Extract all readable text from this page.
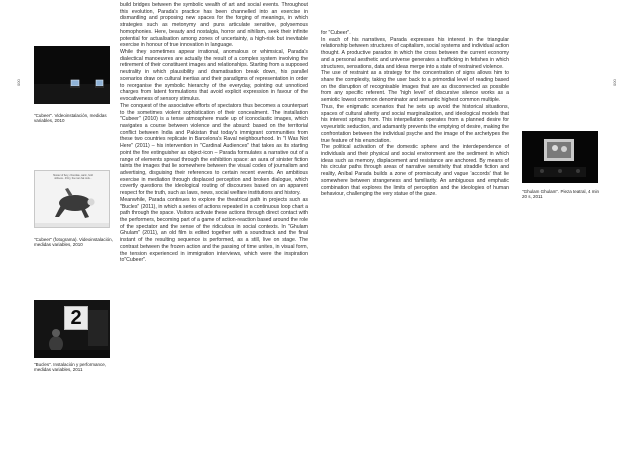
000	000
"Cubeer". Videoinstalación, medidas variables, 2010
Muster of fiery, chocolate, warm, hold stillness - frizzy, the man hat rods...
"Cubeer" (fotograma). Videoinstalación, medidas variables, 2010
2
"Bucles". Instalación y performance, medidas variables, 2011
"Ghulam Ghulam". Pieza teatral, 4 min 20 s, 2011

build bridges between the symbolic wealth of art and social events. Throughout this evolution, Parada's practice has been channelled into an exercise in dismantling and proposing new spaces for the forging of meanings, in which strategies such as metonymy and puns articulate sensitive, polysemous homophonies. Here, beauty and nostalgia, horror and nihilism, seek their infinite potential for actualisation among zones of uncertainty, a high-risk but inevitable exercise in honour of true innovation in language.

While they sometimes appear irrational, anomalous or whimsical, Parada's dialectical manoeuvres are actually the result of a complex system involving the retirement of their constituent images and relationships. Starting from a supposed neutrality in which plausibility and dramatisation break down, his parallel scenarios draw on cultural inertias and their paradigms of representation in order to reorganise the symbolic hierarchy of the everyday, pointing out unnoticed charges from latent formulations that avoid explicit expression in favour of the evocativeness of sensory stimulus.

The conquest of the associative efforts of spectators thus becomes a counterpart to the sometimes violent sophistication of their concealment. The installation "Cubeer" (2010) is a tense atmosphere made up of iconoclastic images, which navigates a course between violence and the absurd: based on the territorial conflict between India and Pakistan that today's immigrant communities from these two countries replicate in Barcelona's Raval neighbourhood. In "I Was Not Here" (2011) – his intervention in "Cardinal Audiences" that takes as its starting point the fire extinguisher as object-icon – Parada formulates a narrative out of a range of elements spread through the exhibition space: an aura of sinister fiction taints the images that lie somewhere between the visual codes of journalism and advertising, disguising their references to certain recent events. An ambitious exercise in mediation through displaced perception and broken dialogue, which covertly questions the ideological routing of discourses based on an apparent respect for the truth, such as laws, news, social welfare institutions and history.

Meanwhile, Parada continues to explore the theatrical path in projects such as "Bucles" (2011), in which a series of actions repeated in a continuous loop chart a path through the space. Visitors activate these actions through direct contact with the performers, becoming part of a game of action-reaction based around the role of the spectator and the sense of the ridiculous in social contexts. In "Ghulam Ghulam" (2011), an old film is edited together with a soundtrack and the final instant of the resulting sequence is performed, as a still, live on stage. The contrast between the frozen action and the passing of time unites, in visual form, the tension experienced in immigration interviews, which were the inspiration to"Cubeer".

for "Cubeer".

In each of his narratives, Parada expresses his interest in the triangular relationship between structures of capitalism, social systems and individual action thought. A productive paradox in which the cross between the current economy and a personal aesthetic and universe generates a trafficking in fetishes in which structures, sensations, data and ideas merge into a state of restrained violence.

The use of restraint as a strategy for the concentration of signs allows him to share the complexity, taking the user back to a primordial level of reading based on the disruption of recognisable images that are as disconnected as possible from any specific referent. The 'high level' of discursive silence works as a semiotic lowest common denominator and semantic highest common multiple.

Thus, the enigmatic scenarios that he sets up avoid the historical situations, spaces of cultural alterity and social marginalization, and ideological models that his interest springs from. This interpellation operates from a planned desire for voyeuristic seduction, and adamantly prevents the emptying of desire, making the confrontation between the individual psyche and the image of the archetypes the true feature of his enunciation.

The political activation of the domestic sphere and the interdependence of individuals and their physical and social environment are the sediment in which ideas such as memory, displacement and resistance are anchored. By means of his circular paths through areas of narrative sensitivity that straddle fiction and reality, Aníbal Parada builds a zone of promiscuity and vague 'accords' that lie somewhere between strangeness and familiarity. An ambiguous and emphatic combination that explores the limits of perception and the ideologies of human behaviour, challenging the very statue of the gaze.
